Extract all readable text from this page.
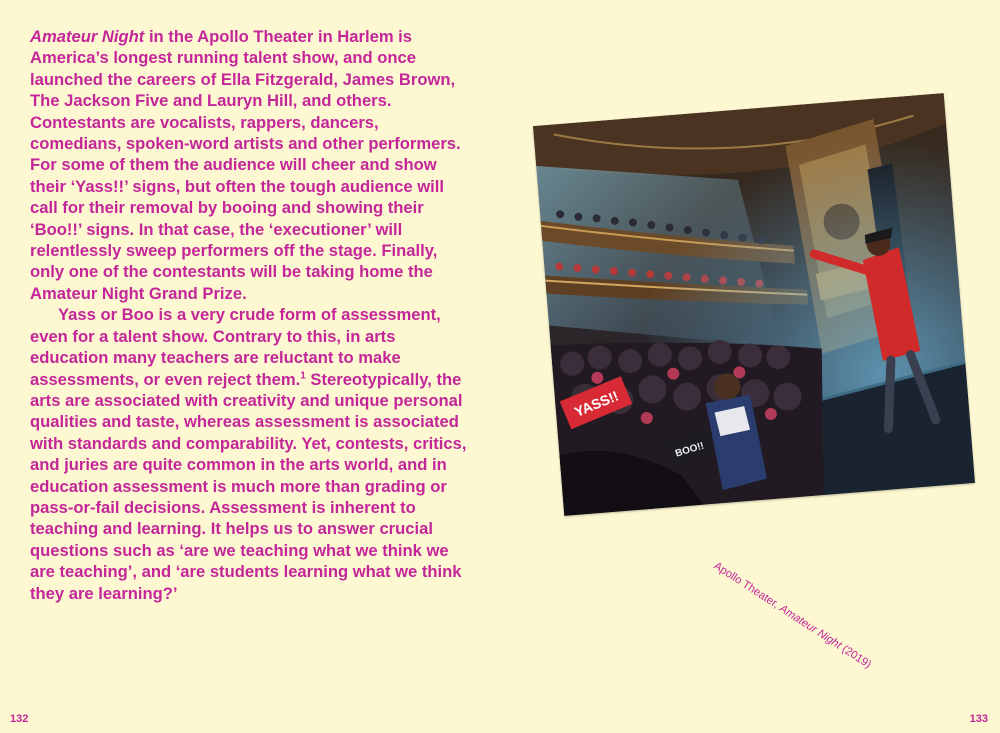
Amateur Night in the Apollo Theater in Harlem is America’s longest running talent show, and once launched the careers of Ella Fitzgerald, James Brown, The Jackson Five and Lauryn Hill, and others. Contestants are vocalists, rappers, dancers, comedians, spoken-word artists and other performers. For some of them the audience will cheer and show their ‘Yass!!’ signs, but often the tough audience will call for their removal by booing and showing their ‘Boo!!’ signs. In that case, the ‘executioner’ will relentlessly sweep performers off the stage. Finally, only one of the contestants will be taking home the Amateur Night Grand Prize.

Yass or Boo is a very crude form of assessment, even for a talent show. Contrary to this, in arts education many teachers are reluctant to make assessments, or even reject them.$^1$ Stereotypically, the arts are associated with creativity and unique personal qualities and taste, whereas assessment is associated with standards and comparability. Yet, contests, critics, and juries are quite common in the arts world, and in education assessment is much more than grading or pass-or-fail decisions. Assessment is inherent to teaching and learning. It helps us to answer crucial questions such as ‘are we teaching what we think we are teaching’, and ‘are students learning what we think they are learning?’

YASS!!
BOO!!
Apollo Theater, Amateur Night (2019)
132	133
